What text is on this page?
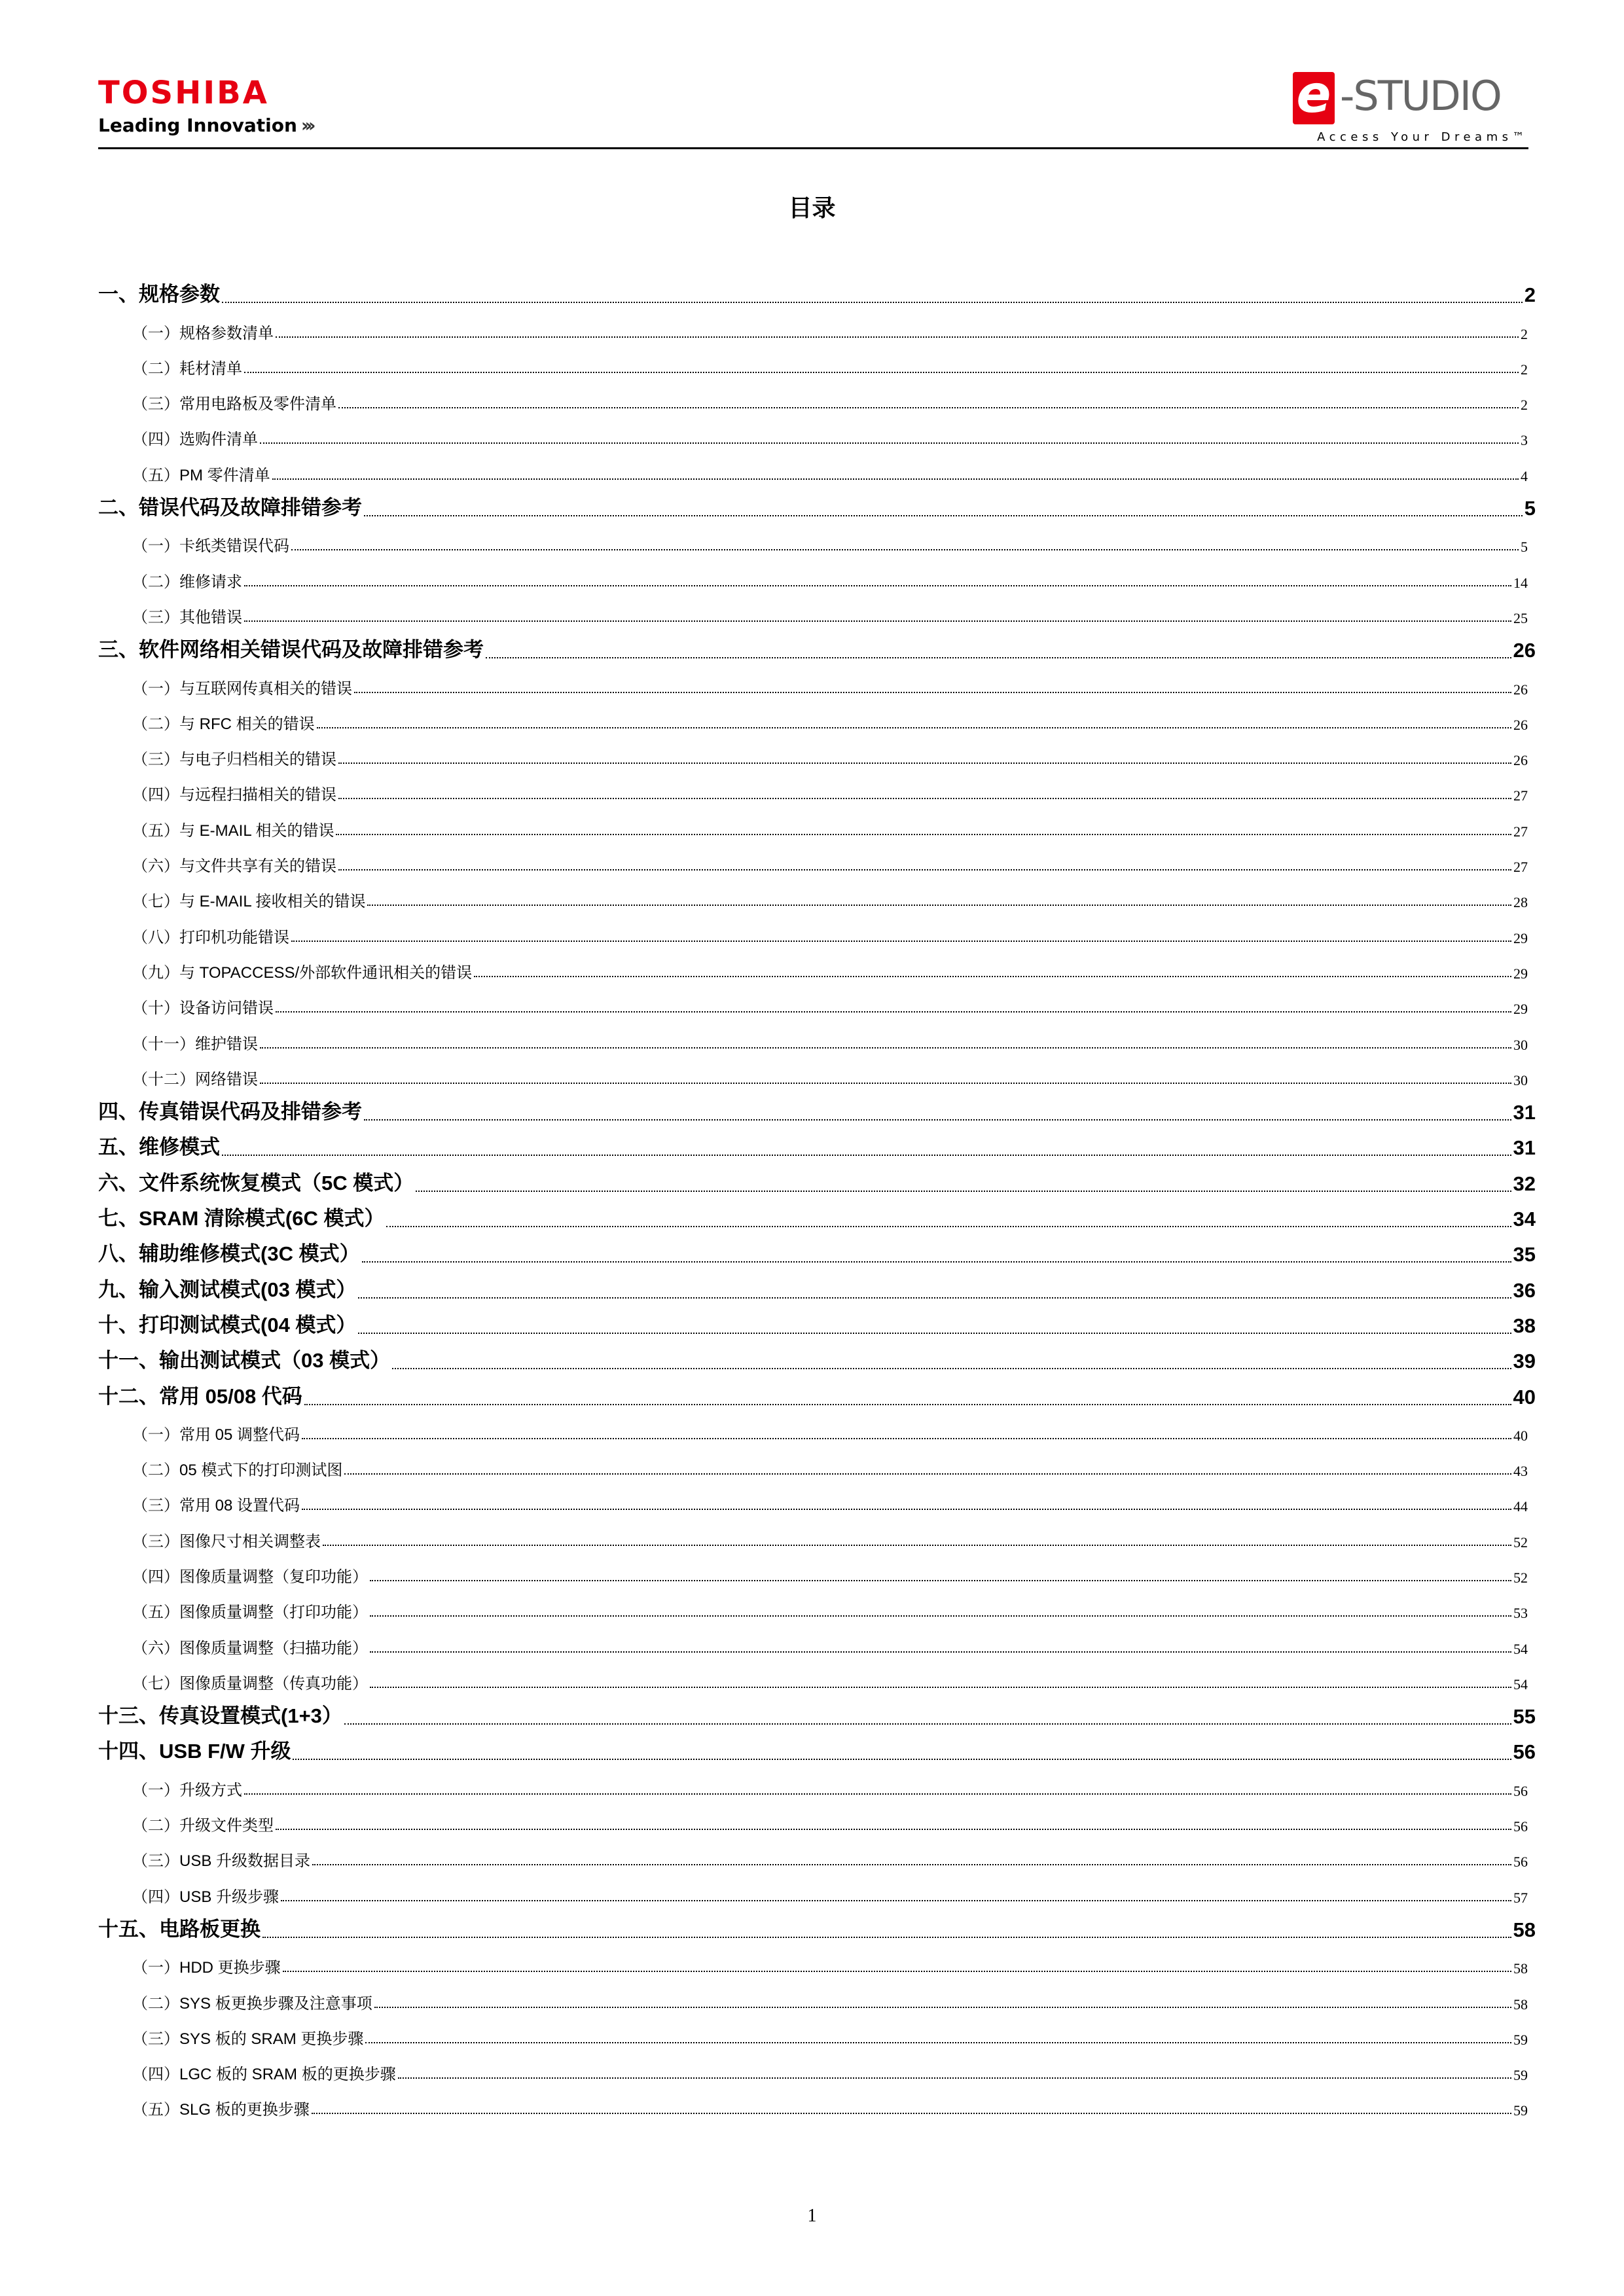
TOSHIBA
Leading Innovation ›››
e -STUDIO
Access Your Dreams™
目录
一、规格参数	2
（一）规格参数清单	2
（二）耗材清单	2
（三）常用电路板及零件清单	2
（四）选购件清单	3
（五）PM 零件清单	4
二、错误代码及故障排错参考	5
（一）卡纸类错误代码	5
（二）维修请求	14
（三）其他错误	25
三、软件网络相关错误代码及故障排错参考	26
（一）与互联网传真相关的错误	26
（二）与 RFC 相关的错误	26
（三）与电子归档相关的错误	26
（四）与远程扫描相关的错误	27
（五）与 E-MAIL 相关的错误	27
（六）与文件共享有关的错误	27
（七）与 E-MAIL 接收相关的错误	28
（八）打印机功能错误	29
（九）与 TOPACCESS/外部软件通讯相关的错误	29
（十）设备访问错误	29
（十一）维护错误	30
（十二）网络错误	30
四、传真错误代码及排错参考	31
五、维修模式	31
六、文件系统恢复模式（5C 模式）	32
七、SRAM 清除模式(6C 模式）	34
八、辅助维修模式(3C 模式）	35
九、输入测试模式(03 模式）	36
十、打印测试模式(04 模式）	38
十一、输出测试模式（03 模式）	39
十二、常用 05/08 代码	40
（一）常用 05 调整代码	40
（二）05 模式下的打印测试图	43
（三）常用 08 设置代码	44
（三）图像尺寸相关调整表	52
（四）图像质量调整（复印功能）	52
（五）图像质量调整（打印功能）	53
（六）图像质量调整（扫描功能）	54
（七）图像质量调整（传真功能）	54
十三、传真设置模式(1+3）	55
十四、USB F/W 升级	56
（一）升级方式	56
（二）升级文件类型	56
（三）USB 升级数据目录	56
（四）USB 升级步骤	57
十五、电路板更换	58
（一）HDD 更换步骤	58
（二）SYS 板更换步骤及注意事项	58
（三）SYS 板的 SRAM 更换步骤	59
（四）LGC 板的 SRAM 板的更换步骤	59
（五）SLG 板的更换步骤	59
1
